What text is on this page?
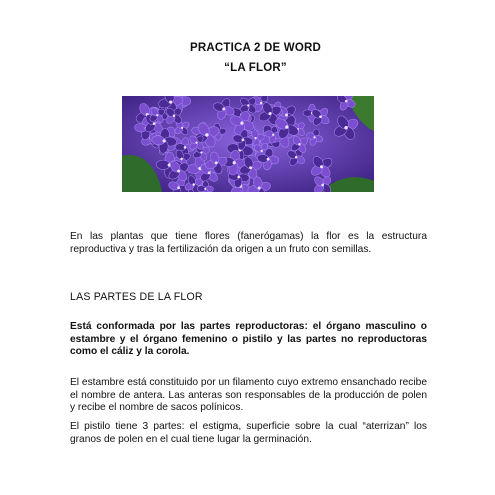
PRACTICA 2 DE WORD
“LA FLOR”

En las plantas que tiene flores (fanerógamas) la flor es la estructura reproductiva y tras la fertilización da origen a un fruto con semillas.

LAS PARTES DE LA FLOR

Está conformada por las partes reproductoras: el órgano masculino o estambre y el órgano femenino o pistilo y las partes no reproductoras como el cáliz y la corola.

El estambre está constituido por un filamento cuyo extremo ensanchado recibe el nombre de antera. Las anteras son responsables de la producción de polen y recibe el nombre de sacos polínicos.

El pistilo tiene 3 partes: el estigma, superficie sobre la cual “aterrizan” los granos de polen en el cual tiene lugar la germinación.
